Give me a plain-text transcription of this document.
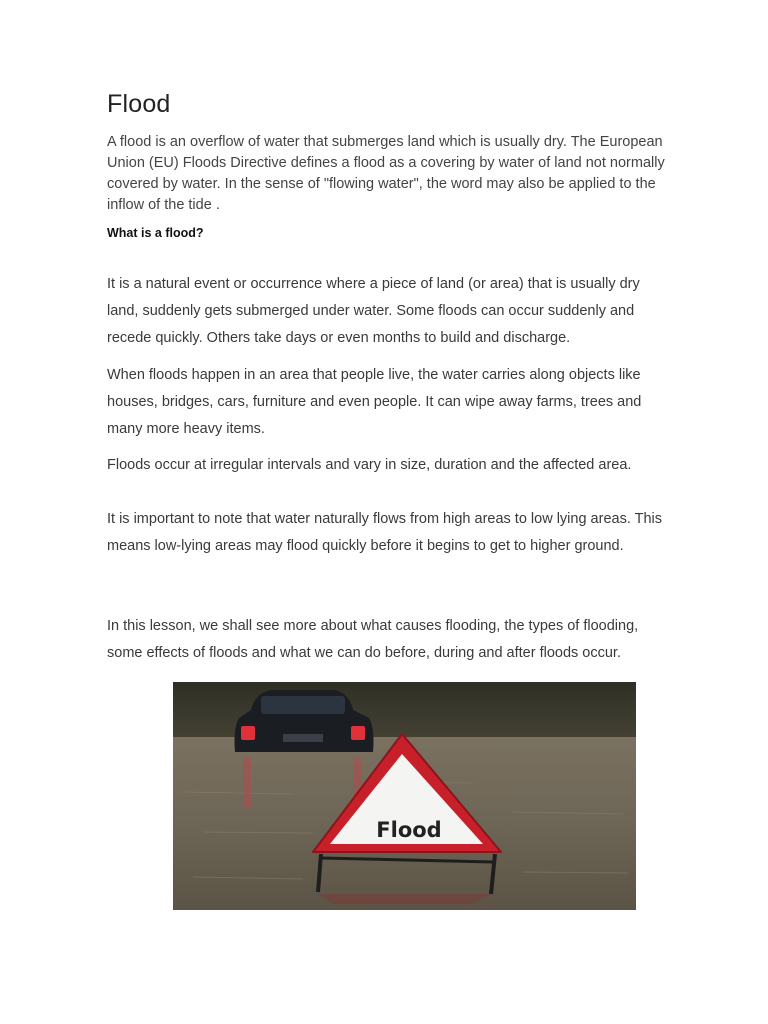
Flood

A flood is an overflow of water that submerges land which is usually dry. The European Union (EU) Floods Directive defines a flood as a covering by water of land not normally covered by water. In the sense of "flowing water", the word may also be applied to the inflow of the tide .

What is a flood?

It is a natural event or occurrence where a piece of land (or area) that is usually dry land, suddenly gets submerged under water. Some floods can occur suddenly and recede quickly. Others take days or even months to build and discharge.

When floods happen in an area that people live, the water carries along objects like houses, bridges, cars, furniture and even people. It can wipe away farms, trees and many more heavy items.

Floods occur at irregular intervals and vary in size, duration and the affected area.

It is important to note that water naturally flows from high areas to low lying areas. This means low-lying areas may flood quickly before it begins to get to higher ground.

In this lesson, we shall see more about what causes flooding, the types of flooding, some effects of floods and what we can do before, during and after floods occur.

Flood
